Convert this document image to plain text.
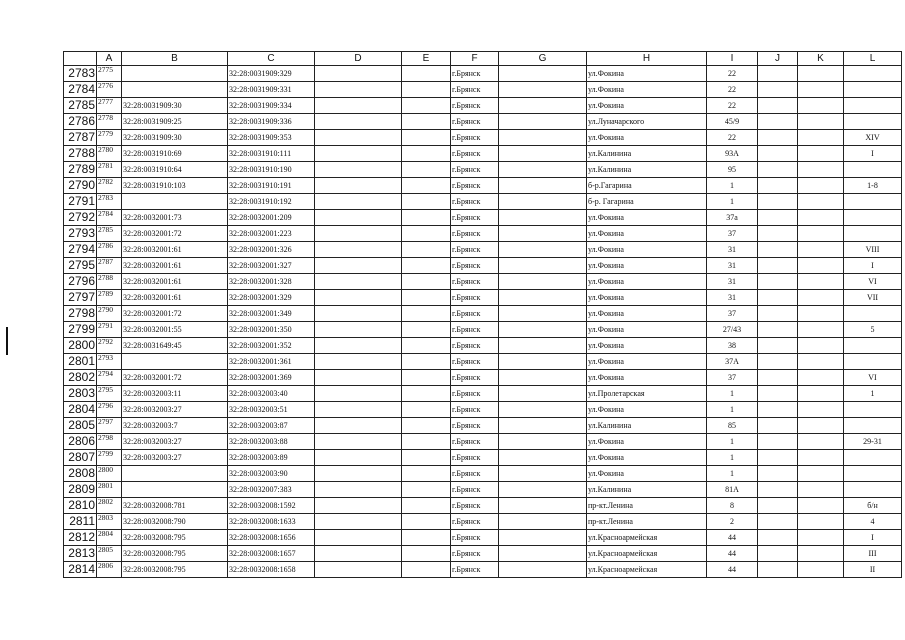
	A	B	C	D	E	F	G	H	I	J	K	L
2783	2775		32:28:0031909:329			г.Брянск		ул.Фокина	22			
2784	2776		32:28:0031909:331			г.Брянск		ул.Фокина	22			
2785	2777	32:28:0031909:30	32:28:0031909:334			г.Брянск		ул.Фокина	22			
2786	2778	32:28:0031909:25	32:28:0031909:336			г.Брянск		ул.Луначарского	45/9			
2787	2779	32:28:0031909:30	32:28:0031909:353			г.Брянск		ул.Фокина	22			XIV
2788	2780	32:28:0031910:69	32:28:0031910:111			г.Брянск		ул.Калинина	93А			I
2789	2781	32:28:0031910:64	32:28:0031910:190			г.Брянск		ул.Калинина	95			
2790	2782	32:28:0031910:103	32:28:0031910:191			г.Брянск		б-р.Гагарина	1			1-8
2791	2783		32:28:0031910:192			г.Брянск		б-р. Гагарина	1			
2792	2784	32:28:0032001:73	32:28:0032001:209			г.Брянск		ул.Фокина	37а			
2793	2785	32:28:0032001:72	32:28:0032001:223			г.Брянск		ул.Фокина	37			
2794	2786	32:28:0032001:61	32:28:0032001:326			г.Брянск		ул.Фокина	31			VIII
2795	2787	32:28:0032001:61	32:28:0032001:327			г.Брянск		ул.Фокина	31			I
2796	2788	32:28:0032001:61	32:28:0032001:328			г.Брянск		ул.Фокина	31			VI
2797	2789	32:28:0032001:61	32:28:0032001:329			г.Брянск		ул.Фокина	31			VII
2798	2790	32:28:0032001:72	32:28:0032001:349			г.Брянск		ул.Фокина	37			
2799	2791	32:28:0032001:55	32:28:0032001:350			г.Брянск		ул.Фокина	27/43			5
2800	2792	32:28:0031649:45	32:28:0032001:352			г.Брянск		ул.Фокина	38			
2801	2793		32:28:0032001:361			г.Брянск		ул.Фокина	37А			
2802	2794	32:28:0032001:72	32:28:0032001:369			г.Брянск		ул.Фокина	37			VI
2803	2795	32:28:0032003:11	32:28:0032003:40			г.Брянск		ул.Пролетарская	1			1
2804	2796	32:28:0032003:27	32:28:0032003:51			г.Брянск		ул.Фокина	1			
2805	2797	32:28:0032003:7	32:28:0032003:87			г.Брянск		ул.Калинина	85			
2806	2798	32:28:0032003:27	32:28:0032003:88			г.Брянск		ул.Фокина	1			29-31
2807	2799	32:28:0032003:27	32:28:0032003:89			г.Брянск		ул.Фокина	1			
2808	2800		32:28:0032003:90			г.Брянск		ул.Фокина	1			
2809	2801		32:28:0032007:383			г.Брянск		ул.Калинина	81А			
2810	2802	32:28:0032008:781	32:28:0032008:1592			г.Брянск		пр-кт.Ленина	8			б/н
2811	2803	32:28:0032008:790	32:28:0032008:1633			г.Брянск		пр-кт.Ленина	2			4
2812	2804	32:28:0032008:795	32:28:0032008:1656			г.Брянск		ул.Красноармейская	44			I
2813	2805	32:28:0032008:795	32:28:0032008:1657			г.Брянск		ул.Красноармейская	44			III
2814	2806	32:28:0032008:795	32:28:0032008:1658			г.Брянск		ул.Красноармейская	44			II
